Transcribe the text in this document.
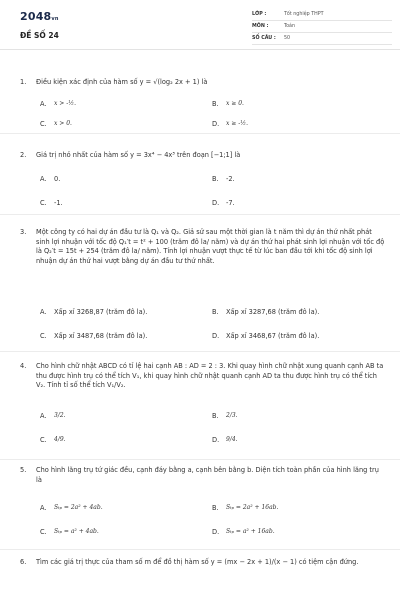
2048vn
ĐỀ SỐ 24
LỚP :	Tốt nghiệp THPT
MÔN :	Toán
SỐ CÂU :	50
1. Điều kiện xác định của hàm số y = √(log₂ 2x + 1) là
A.	x > -½.	B.	x ≥ 0.
C.	x > 0.	D.	x ≥ -½.
2. Giá trị nhỏ nhất của hàm số y = 3x⁴ − 4x³ trên đoạn [−1;1] là
A.	0.	B.	-2.
C.	-1.	D.	-7.
3. Một công ty có hai dự án đầu tư là Q₁ và Q₂. Giả sử sau một thời gian là t năm thì dự án thứ nhất phát sinh lợi nhuận với tốc độ Q₁′t = t² + 100 (trăm đô la/ năm) và dự án thứ hai phát sinh lợi nhuận với tốc độ là Q₂′t = 15t + 254 (trăm đô la/ năm). Tính lợi nhuận vượt thực tế từ lúc ban đầu tới khi tốc độ sinh lợi nhuận dự án thứ hai vượt bằng dự án đầu tư thứ nhất.
A.	Xấp xỉ 3268,87 (trăm đô la).	B.	Xấp xỉ 3287,68 (trăm đô la).
C.	Xấp xỉ 3487,68 (trăm đô la).	D.	Xấp xỉ 3468,67 (trăm đô la).
4. Cho hình chữ nhật ABCD có tỉ lệ hai cạnh AB : AD = 2 : 3. Khi quay hình chữ nhật xung quanh cạnh AB ta thu được hình trụ có thể tích V₁, khi quay hình chữ nhật quanh cạnh AD ta thu được hình trụ có thể tích V₂. Tính tỉ số thể tích V₁/V₂.
A.	3/2.	B.	2/3.
C.	4/9.	D.	9/4.
5. Cho hình lăng trụ tứ giác đều, cạnh đáy bằng a, cạnh bên bằng b. Diện tích toàn phần của hình lăng trụ là
A.	Sₜₚ = 2a² + 4ab.	B.	Sₜₚ = 2a² + 16ab.
C.	Sₜₚ = a² + 4ab.	D.	Sₜₚ = a² + 16ab.
6. Tìm các giá trị thực của tham số m để đồ thị hàm số y = (mx − 2x + 1)/(x − 1) có tiệm cận đứng.
